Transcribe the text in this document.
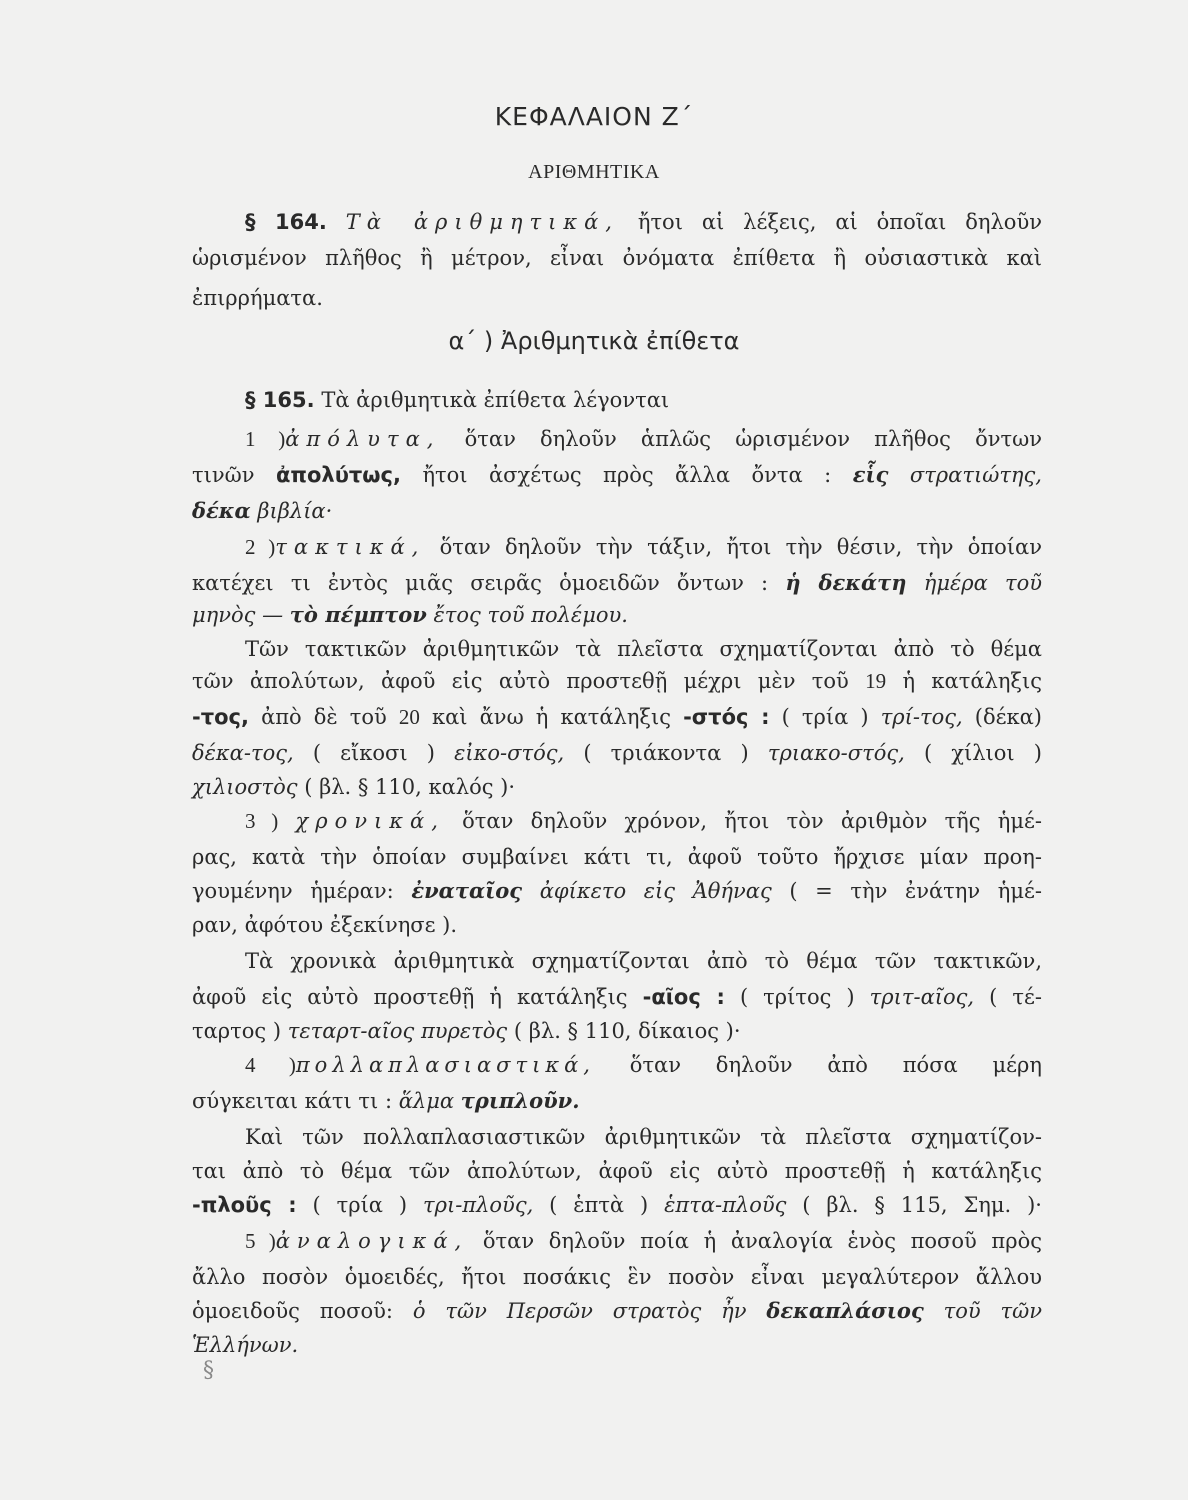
ΚΕΦΑΛΑΙΟΝ Ζ΄
ΑΡΙΘΜΗΤΙΚΑ
§ 164. Τὰ ἀριθμητικά, ἤτοι αἱ λέξεις, αἱ ὁποῖαι δηλοῦν
ὡρισμένον πλῆθος ἢ μέτρον, εἶναι ὀνόματα ἐπίθετα ἢ οὐσιαστικὰ καὶ
ἐπιρρήματα.
α΄ ) Ἀριθμητικὰ ἐπίθετα
§ 165. Τὰ ἀριθμητικὰ ἐπίθετα λέγονται
1 )ἀπόλυτα, ὅταν δηλοῦν ἁπλῶς ὡρισμένον πλῆθος ὄντων
τινῶν ἀπολύτως, ἤτοι ἀσχέτως πρὸς ἄλλα ὄντα : εἷς στρατιώτης,
δέκα βιβλία·
2 )τακτικά, ὅταν δηλοῦν τὴν τάξιν, ἤτοι τὴν θέσιν, τὴν ὁποίαν
κατέχει τι ἐντὸς μιᾶς σειρᾶς ὁμοειδῶν ὄντων : ἡ δεκάτη ἡμέρα τοῦ
μηνὸς — τὸ πέμπτον ἔτος τοῦ πολέμου.
Τῶν τακτικῶν ἀριθμητικῶν τὰ πλεῖστα σχηματίζονται ἀπὸ τὸ θέμα
τῶν ἀπολύτων, ἀφοῦ εἰς αὐτὸ προστεθῇ μέχρι μὲν τοῦ 19 ἡ κατάληξις
-τος, ἀπὸ δὲ τοῦ 20 καὶ ἄνω ἡ κατάληξις -στός : ( τρία ) τρί-τος, (δέκα)
δέκα-τος, ( εἴκοσι ) εἰκο-στός, ( τριάκοντα ) τριακο-στός, ( χίλιοι )
χιλιοστὸς ( βλ. § 110, καλός )·
3 ) χρονικά, ὅταν δηλοῦν χρόνον, ἤτοι τὸν ἀριθμὸν τῆς ἡμέ-
ρας, κατὰ τὴν ὁποίαν συμβαίνει κάτι τι, ἀφοῦ τοῦτο ἤρχισε μίαν προη-
γουμένην ἡμέραν: ἐναταῖος ἀφίκετο εἰς Ἀθήνας ( = τὴν ἐνάτην ἡμέ-
ραν, ἀφότου ἐξεκίνησε ).
Τὰ χρονικὰ ἀριθμητικὰ σχηματίζονται ἀπὸ τὸ θέμα τῶν τακτικῶν,
ἀφοῦ εἰς αὐτὸ προστεθῇ ἡ κατάληξις -αῖος : ( τρίτος ) τριτ-αῖος, ( τέ-
ταρτος ) τεταρτ-αῖος πυρετὸς ( βλ. § 110, δίκαιος )·
4 )πολλαπλασιαστικά, ὅταν δηλοῦν ἀπὸ πόσα μέρη
σύγκειται κάτι τι : ἅλμα τριπλοῦν.
Καὶ τῶν πολλαπλασιαστικῶν ἀριθμητικῶν τὰ πλεῖστα σχηματίζον-
ται ἀπὸ τὸ θέμα τῶν ἀπολύτων, ἀφοῦ εἰς αὐτὸ προστεθῇ ἡ κατάληξις
-πλοῦς : ( τρία ) τρι-πλοῦς, ( ἑπτὰ ) ἑπτα-πλοῦς ( βλ. § 115, Σημ. )·
5 )ἀναλογικά, ὅταν δηλοῦν ποία ἡ ἀναλογία ἑνὸς ποσοῦ πρὸς
ἄλλο ποσὸν ὁμοειδές, ἤτοι ποσάκις ἓν ποσὸν εἶναι μεγαλύτερον ἄλλου
ὁμοειδοῦς ποσοῦ: ὁ τῶν Περσῶν στρατὸς ἦν δεκαπλάσιος τοῦ τῶν
Ἑλλήνων.
§
